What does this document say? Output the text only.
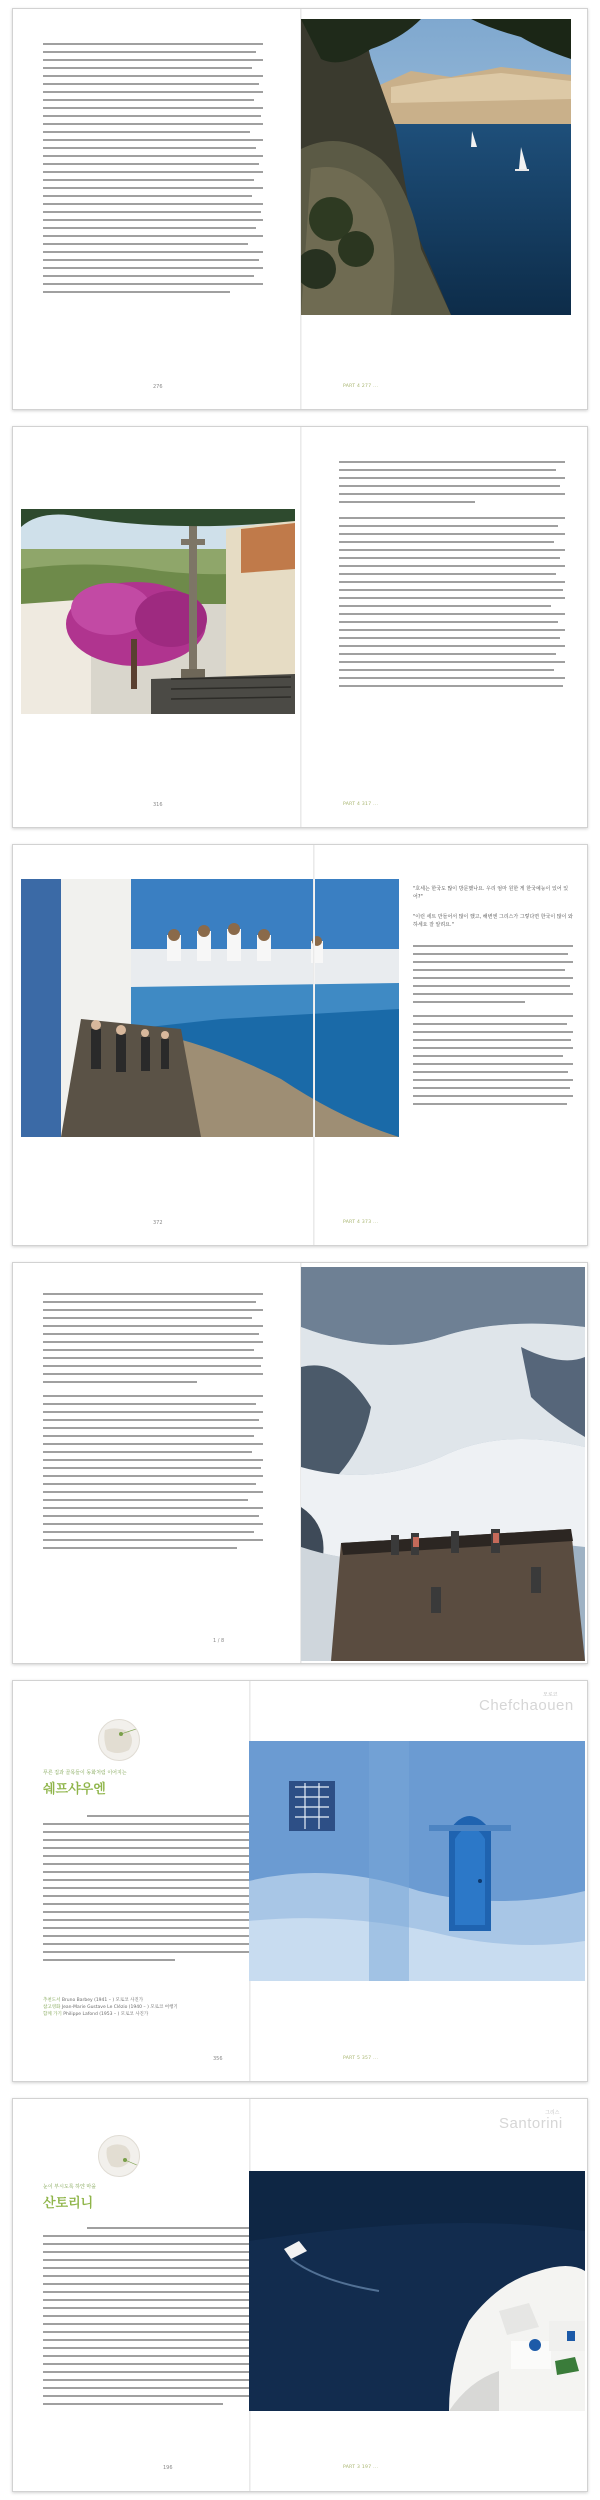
276	PART 4 277 ...
316	PART 4 317 ...
"호세는 한국도 많이 방문했나요. 우리 엄마 원한 게 한국예능이 있어 있어?"
"이런 세트 만들어서 많이 했고, 해변엔 그리스가 그렇다면 한국이 많이 와하세요 잘 알려요."
372	PART 4 373 ...
1 / 8
모로코
Chefchaouen
푸른 집과 골목들이 동화처럼 이어지는
쉐프샤우엔
추천도서 Bruno Barbey (1941 – ) 모로코 사진가
참고영화 Jean-Marie Gustave Le Clézio (1940 – ) 모로코 여행기
함께 가기 Philippe Lafond (1953 – ) 모로코 사진가
356	PART 5 357 ...
그리스
Santorini
눈이 부시도록 하얀 마을
산토리니
196	PART 3 197 ...
